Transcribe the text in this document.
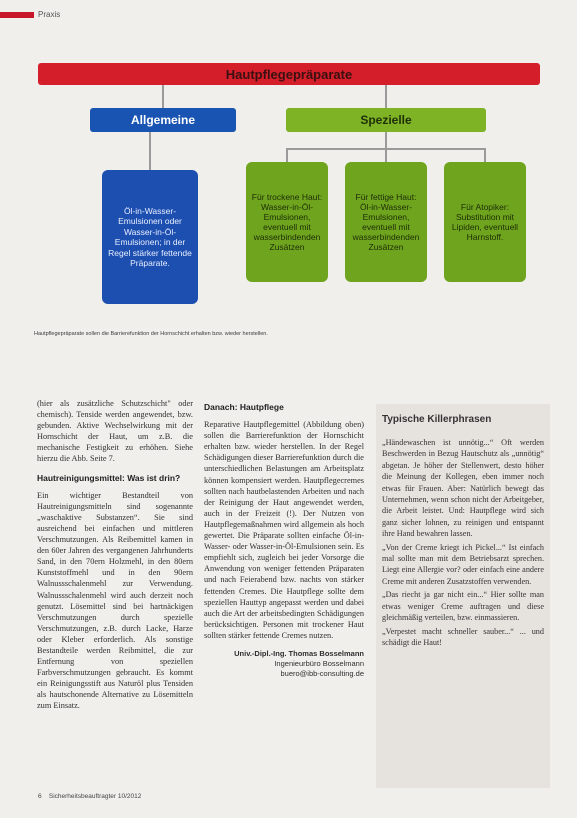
Praxis
Hautpflegepräparate
Allgemeine	Spezielle
Öl-in-Wasser-Emulsionen oder Wasser-in-Öl-Emulsionen; in der Regel stärker fettende Präparate.
Für trockene Haut: Wasser-in-Öl-Emulsionen, eventuell mit wasserbindenden Zusätzen
Für fettige Haut: Öl-in-Wasser-Emulsionen, eventuell mit wasserbindenden Zusätzen
Für Atopiker: Substitution mit Lipiden, eventuell Harnstoff.
Hautpflegepräparate sollen die Barrierefunktion der Hornschicht erhalten bzw. wieder herstellen.

(hier als zusätzliche Schutzschicht" oder chemisch). Tenside werden angewendet, bzw. gebunden. Aktive Wechselwirkung mit der Hornschicht der Haut, um z.B. die mechanische Festigkeit zu erhöhen. Siehe hierzu die Abb. Seite 7.

Hautreinigungsmittel: Was ist drin?

Ein wichtiger Bestandteil von Hautreinigungsmitteln sind sogenannte „waschaktive Substanzen“. Sie sind ausreichend bei einfachen und mittleren Verschmutzungen. Als Reibemittel kamen in den 60er Jahren des vergangenen Jahrhunderts Sand, in den 70ern Holzmehl, in den 80ern Kunststoffmehl und in den 90ern Walnussschalenmehl zur Verwendung. Walnussschalenmehl wird auch derzeit noch genutzt. Lösemittel sind bei hartnäckigen Verschmutzungen durch spezielle Verschmutzungen, z.B. durch Lacke, Harze oder Kleber erforderlich. Als sonstige Bestandteile werden Reibmittel, die zur Entfernung von speziellen Farbverschmutzungen gebraucht. Es kommt ein Reinigungsstift aus Naturöl plus Tensiden als hautschonende Alternative zu Lösemitteln zum Einsatz.

Danach: Hautpflege

Reparative Hautpflegemittel (Abbildung oben) sollen die Barrierefunktion der Hornschicht erhalten bzw. wieder herstellen. In der Regel Schädigungen dieser Barrierefunktion durch die unterschiedlichen Belastungen am Arbeitsplatz können kompensiert werden. Hautpflegecremes sollten nach hautbelastenden Arbeiten und nach der Reinigung der Haut angewendet werden, auch in der Freizeit (!). Der Nutzen von Hautpflegemaßnahmen wird allgemein als hoch gewertet. Die Präparate sollten einfache Öl-in-Wasser- oder Wasser-in-Öl-Emulsionen sein. Es empfiehlt sich, zugleich bei jeder Vorsorge die Anwendung von weniger fettenden Präparaten und nach Feierabend bzw. nachts von stärker fettenden Cremes. Die Hautpflege sollte dem speziellen Hauttyp angepasst werden und dabei auch die Art der arbeitsbedingten Schädigungen berücksichtigen. Personen mit trockener Haut sollten stärker fettende Cremes nutzen.

Univ.-Dipl.-Ing. Thomas Bosselmann
Ingenieurbüro Bosselmann
buero@ibb-consulting.de
Typische Killerphrasen

„Händewaschen ist unnötig...“ Oft werden Beschwerden in Bezug Hautschutz als „unnötig“ abgetan. Je höher der Stellenwert, desto höher die Meinung der Kollegen, eben immer noch etwas für Frauen. Aber: Natürlich bewegt das Unternehmen, wenn schon nicht der Arbeitgeber, die Arbeit leistet. Und: Hautpflege wird sich ganz sicher lohnen, zu reinigen und entspannt ihre Hand bewahren lassen.

„Von der Creme kriegt ich Pickel...“ Ist einfach mal sollte man mit dem Betriebsarzt sprechen. Liegt eine Allergie vor? oder einfach eine andere Creme mit anderen Zusatzstoffen verwenden.

„Das riecht ja gar nicht ein...“ Hier sollte man etwas weniger Creme auftragen und diese gleichmäßig verteilen, bzw. einmassieren.

„Verpestet macht schneller sauber...“ ... und schädigt die Haut!

6 Sicherheitsbeauftragter 10/2012
